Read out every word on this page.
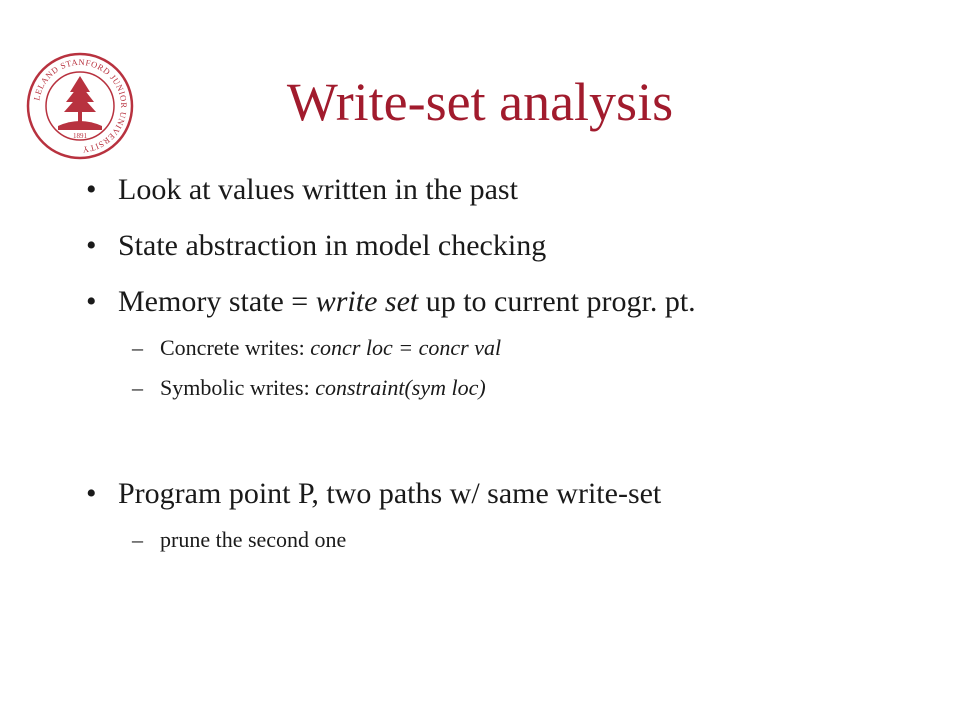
LELAND STANFORD JUNIOR UNIVERSITY
1891
Write-set analysis
• Look at values written in the past
• State abstraction in model checking
• Memory state = write set up to current progr. pt.
– Concrete writes: concr loc = concr val
– Symbolic writes: constraint(sym loc)
• Program point P, two paths w/ same write-set
– prune the second one
